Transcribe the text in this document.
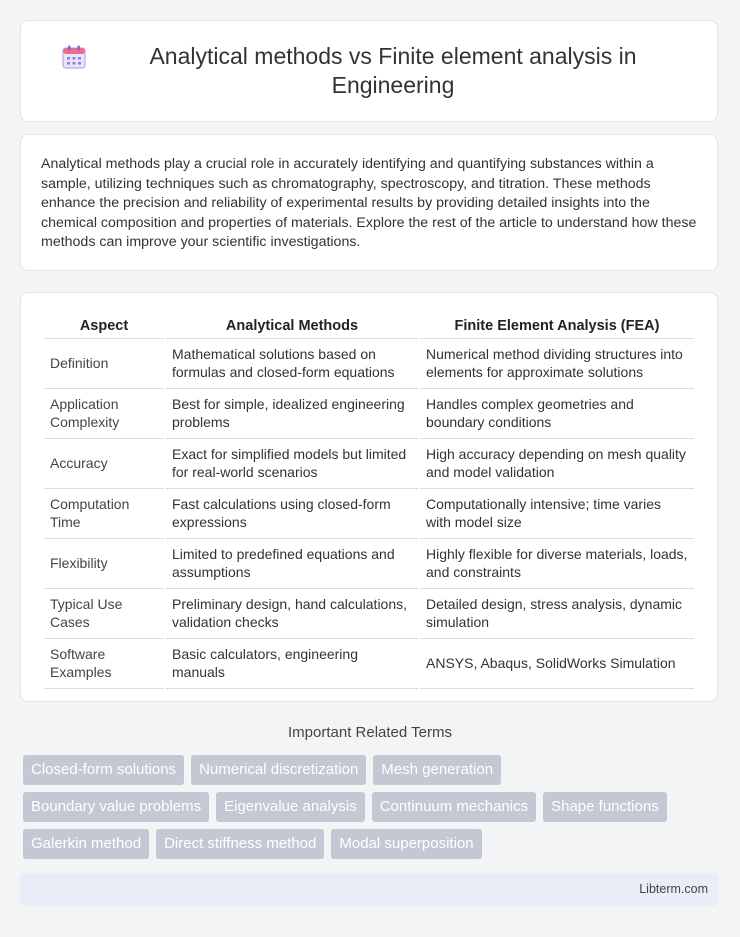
Analytical methods vs Finite element analysis in Engineering
Analytical methods play a crucial role in accurately identifying and quantifying substances within a sample, utilizing techniques such as chromatography, spectroscopy, and titration. These methods enhance the precision and reliability of experimental results by providing detailed insights into the chemical composition and properties of materials. Explore the rest of the article to understand how these methods can improve your scientific investigations.
Aspect	Analytical Methods	Finite Element Analysis (FEA)
Definition	Mathematical solutions based on formulas and closed-form equations	Numerical method dividing structures into elements for approximate solutions
Application Complexity	Best for simple, idealized engineering problems	Handles complex geometries and boundary conditions
Accuracy	Exact for simplified models but limited for real-world scenarios	High accuracy depending on mesh quality and model validation
Computation Time	Fast calculations using closed-form expressions	Computationally intensive; time varies with model size
Flexibility	Limited to predefined equations and assumptions	Highly flexible for diverse materials, loads, and constraints
Typical Use Cases	Preliminary design, hand calculations, validation checks	Detailed design, stress analysis, dynamic simulation
Software Examples	Basic calculators, engineering manuals	ANSYS, Abaqus, SolidWorks Simulation
Important Related Terms
Closed-form solutions	Numerical discretization	Mesh generation
Boundary value problems	Eigenvalue analysis	Continuum mechanics	Shape functions
Galerkin method	Direct stiffness method	Modal superposition
Libterm.com
